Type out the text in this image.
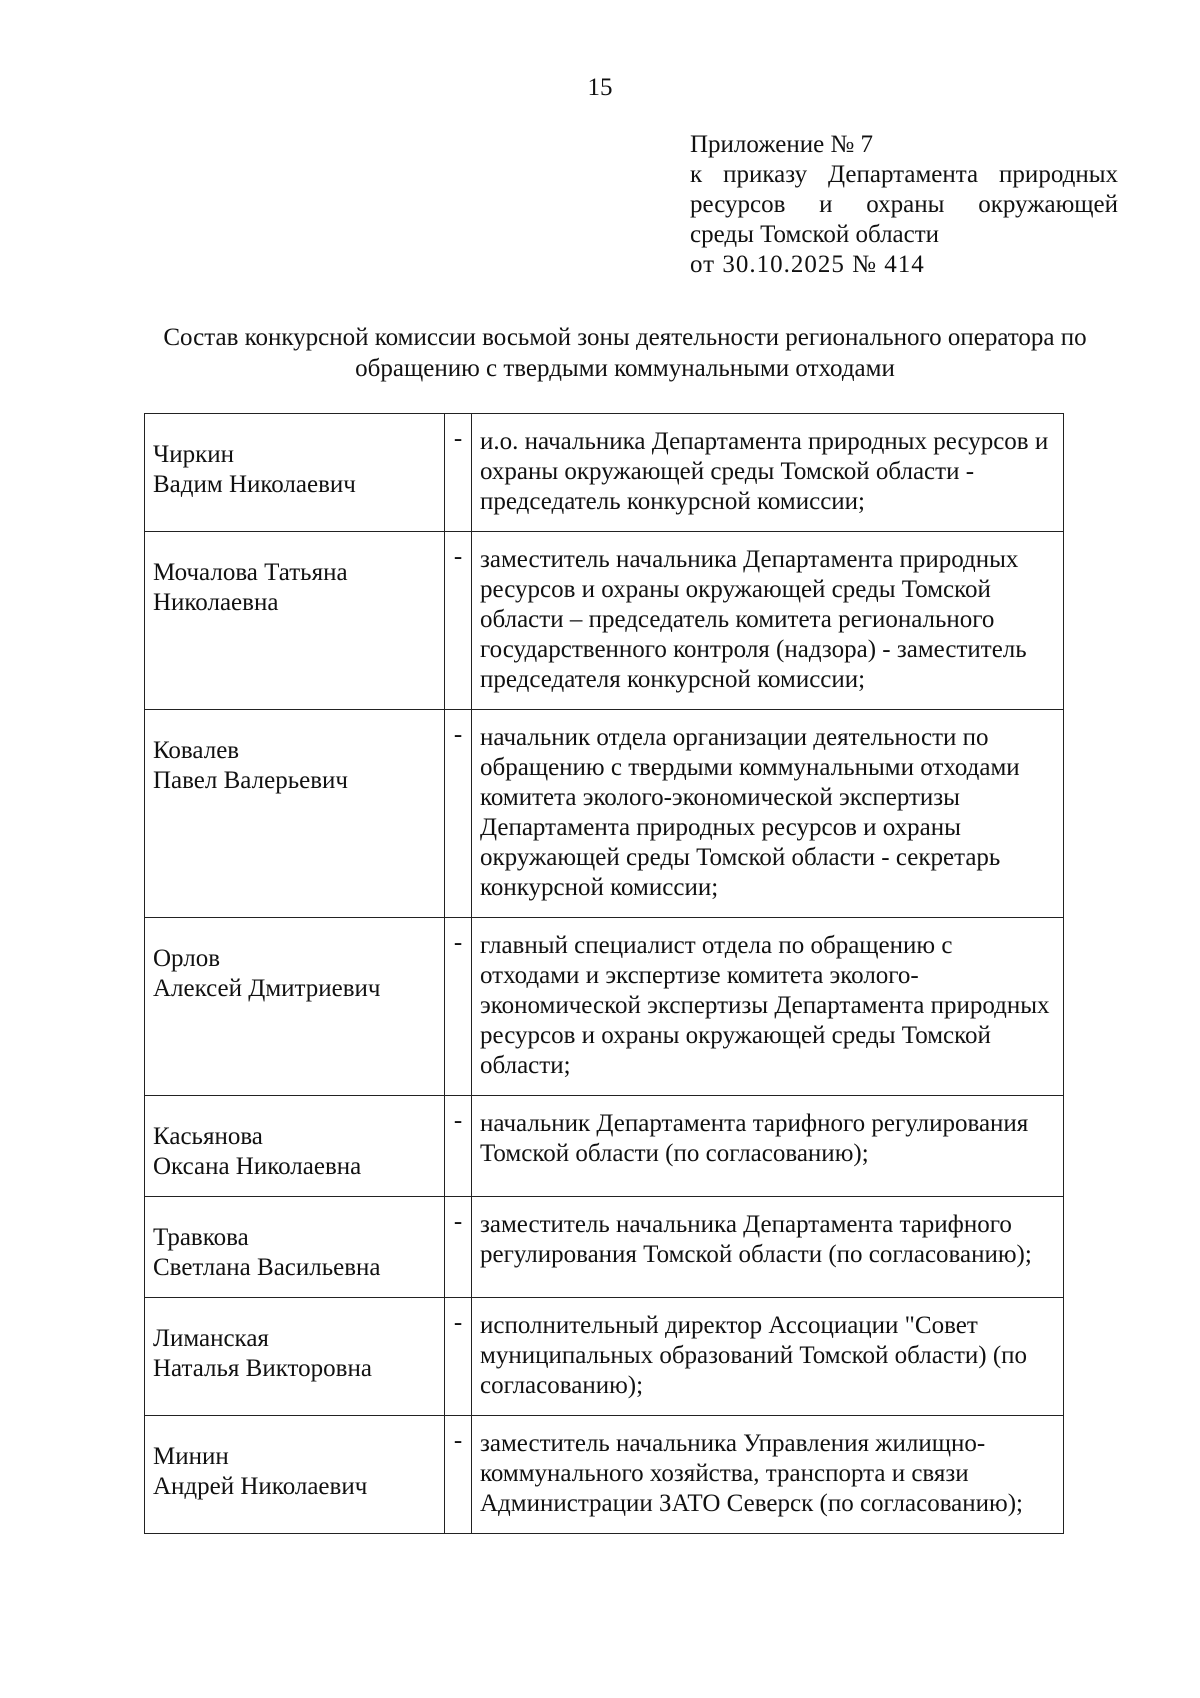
15
Приложение № 7
к приказу Департамента природных
ресурсов и охраны окружающей
среды Томской области
от 30.10.2025 № 414
Состав конкурсной комиссии восьмой зоны деятельности регионального оператора по
обращению с твердыми коммунальными отходами
Чиркин
Вадим Николаевич	-	и.о. начальника Департамента природных ресурсов и охраны окружающей среды Томской области - председатель конкурсной комиссии;

Мочалова Татьяна
Николаевна	-	заместитель начальника Департамента природных ресурсов и охраны окружающей среды Томской области – председатель комитета регионального государственного контроля (надзора) - заместитель председателя конкурсной комиссии;

Ковалев
Павел Валерьевич	-	начальник отдела организации деятельности по обращению с твердыми коммунальными отходами комитета эколого-экономической экспертизы Департамента природных ресурсов и охраны окружающей среды Томской области - секретарь конкурсной комиссии;

Орлов
Алексей Дмитриевич	-	главный специалист отдела по обращению с отходами и экспертизе комитета эколого-экономической экспертизы Департамента природных ресурсов и охраны окружающей среды Томской области;

Касьянова
Оксана Николаевна	-	начальник Департамента тарифного регулирования Томской области (по согласованию);

Травкова
Светлана Васильевна	-	заместитель начальника Департамента тарифного регулирования Томской области (по согласованию);

Лиманская
Наталья Викторовна	-	исполнительный директор Ассоциации "Совет муниципальных образований Томской области) (по согласованию);

Минин
Андрей Николаевич	-	заместитель начальника Управления жилищно-коммунального хозяйства, транспорта и связи Администрации ЗАТО Северск (по согласованию);
